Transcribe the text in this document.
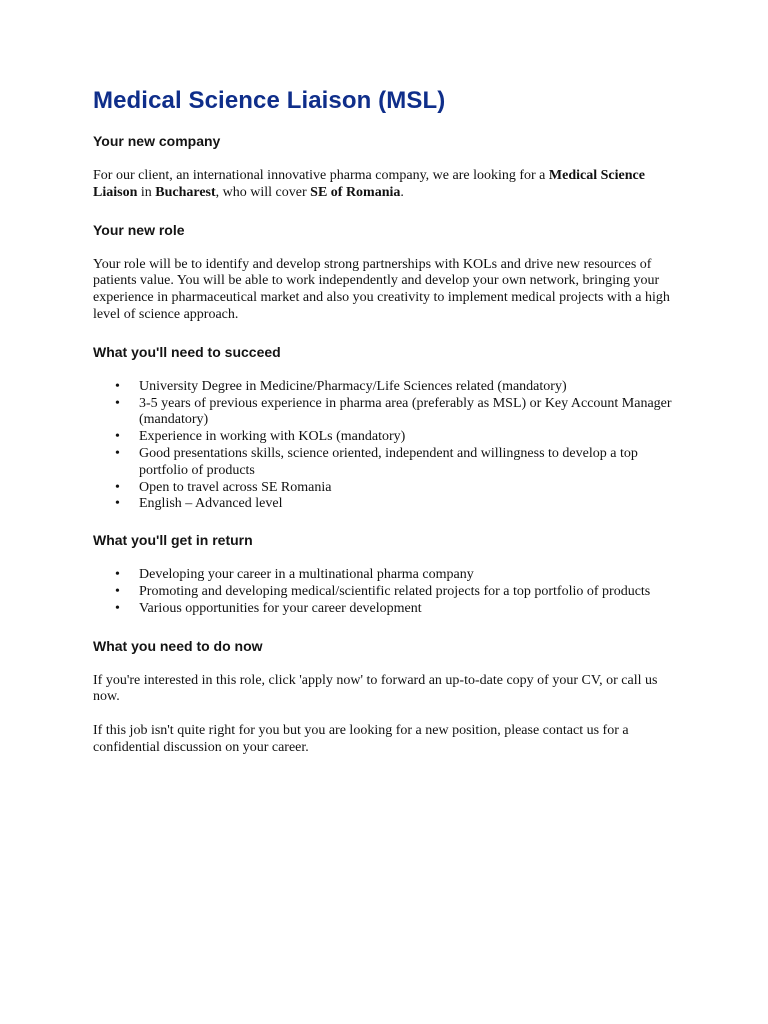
Medical Science Liaison (MSL)
Your new company

For our client, an international innovative pharma company, we are looking for a Medical Science Liaison in Bucharest, who will cover SE of Romania.

Your new role

Your role will be to identify and develop strong partnerships with KOLs and drive new resources of patients value. You will be able to work independently and develop your own network, bringing your experience in pharmaceutical market and also you creativity to implement medical projects with a high level of science approach.

What you'll need to succeed
• University Degree in Medicine/Pharmacy/Life Sciences related (mandatory)
• 3-5 years of previous experience in pharma area (preferably as MSL) or Key Account Manager (mandatory)
• Experience in working with KOLs (mandatory)
• Good presentations skills, science oriented, independent and willingness to develop a top portfolio of products
• Open to travel across SE Romania
• English – Advanced level
What you'll get in return
• Developing your career in a multinational pharma company
• Promoting and developing medical/scientific related projects for a top portfolio of products
• Various opportunities for your career development
What you need to do now

If you're interested in this role, click 'apply now' to forward an up-to-date copy of your CV, or call us now.

If this job isn't quite right for you but you are looking for a new position, please contact us for a confidential discussion on your career.
